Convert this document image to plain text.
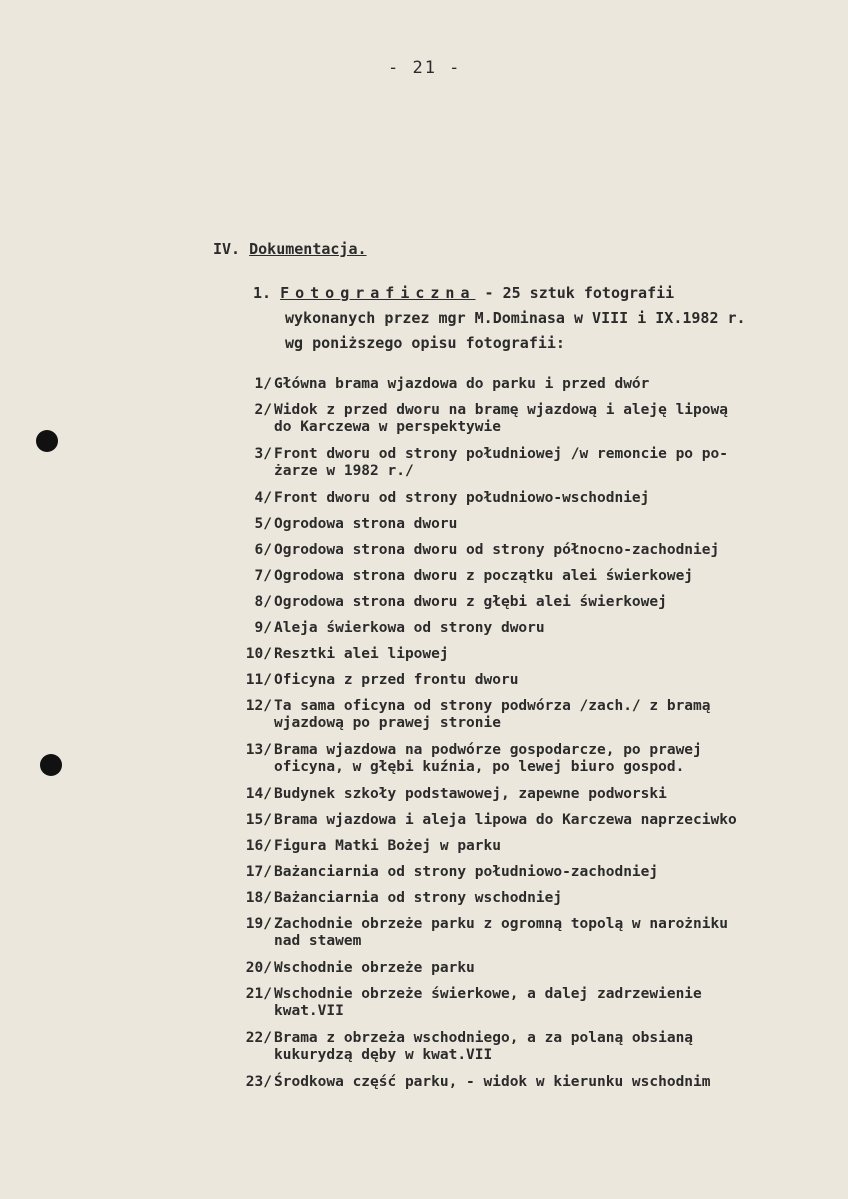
- 21 -
IV. Dokumentacja.
1. Fotograficzna - 25 sztuk fotografii
wykonanych przez mgr M.Dominasa w VIII i IX.1982 r.
wg poniższego opisu fotografii:
1/ Główna brama wjazdowa do parku i przed dwór
2/ Widok z przed dworu na bramę wjazdową i aleję lipową
do Karczewa w perspektywie
3/ Front dworu od strony południowej /w remoncie po po-
żarze w 1982 r./
4/ Front dworu od strony południowo-wschodniej
5/ Ogrodowa strona dworu
6/ Ogrodowa strona dworu od strony północno-zachodniej
7/ Ogrodowa strona dworu z początku alei świerkowej
8/ Ogrodowa strona dworu z głębi alei świerkowej
9/ Aleja świerkowa od strony dworu
10/ Resztki alei lipowej
11/ Oficyna z przed frontu dworu
12/ Ta sama oficyna od strony podwórza /zach./ z bramą
wjazdową po prawej stronie
13/ Brama wjazdowa na podwórze gospodarcze, po prawej
oficyna, w głębi kuźnia, po lewej biuro gospod.
14/ Budynek szkoły podstawowej, zapewne podworski
15/ Brama wjazdowa i aleja lipowa do Karczewa naprzeciwko
16/ Figura Matki Bożej w parku
17/ Bażanciarnia od strony południowo-zachodniej
18/ Bażanciarnia od strony wschodniej
19/ Zachodnie obrzeże parku z ogromną topolą w narożniku
nad stawem
20/ Wschodnie obrzeże parku
21/ Wschodnie obrzeże świerkowe, a dalej zadrzewienie
kwat.VII
22/ Brama z obrzeża wschodniego, a za polaną obsianą
kukurydzą dęby w kwat.VII
23/ Środkowa część parku, - widok w kierunku wschodnim
